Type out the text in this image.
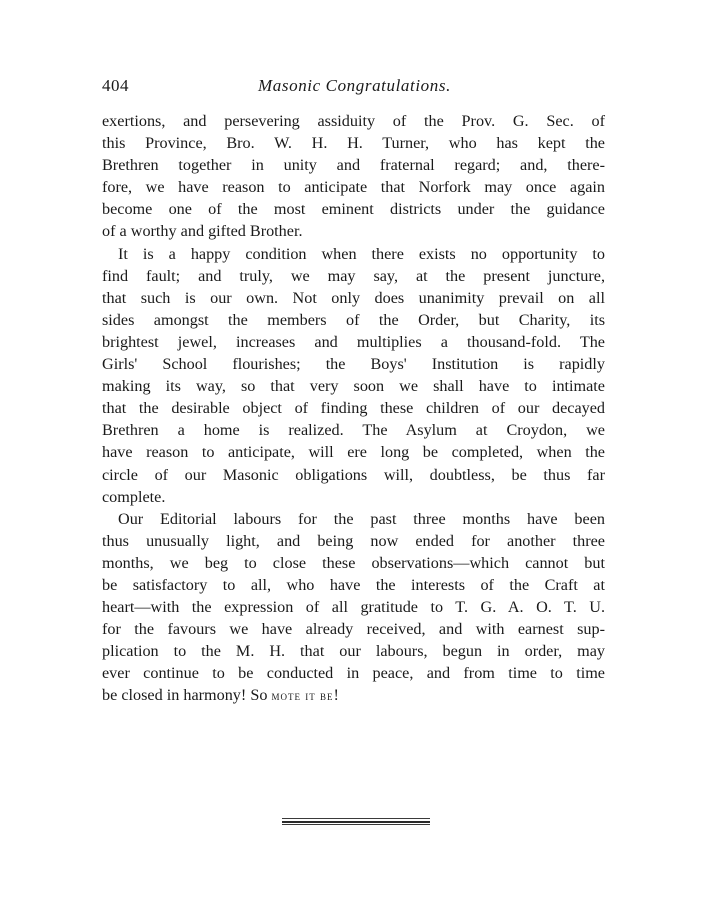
404	Masonic Congratulations.
exertions, and persevering assiduity of the Prov. G. Sec. of
this Province, Bro. W. H. H. Turner, who has kept the
Brethren together in unity and fraternal regard; and, there-
fore, we have reason to anticipate that Norfork may once again
become one of the most eminent districts under the guidance
of a worthy and gifted Brother.
It is a happy condition when there exists no opportunity to
find fault; and truly, we may say, at the present juncture,
that such is our own. Not only does unanimity prevail on all
sides amongst the members of the Order, but Charity, its
brightest jewel, increases and multiplies a thousand-fold. The
Girls' School flourishes; the Boys' Institution is rapidly
making its way, so that very soon we shall have to intimate
that the desirable object of finding these children of our decayed
Brethren a home is realized. The Asylum at Croydon, we
have reason to anticipate, will ere long be completed, when the
circle of our Masonic obligations will, doubtless, be thus far
complete.
Our Editorial labours for the past three months have been
thus unusually light, and being now ended for another three
months, we beg to close these observations—which cannot but
be satisfactory to all, who have the interests of the Craft at
heart—with the expression of all gratitude to T. G. A. O. T. U.
for the favours we have already received, and with earnest sup-
plication to the M. H. that our labours, begun in order, may
ever continue to be conducted in peace, and from time to time
be closed in harmony! So mote it be!
